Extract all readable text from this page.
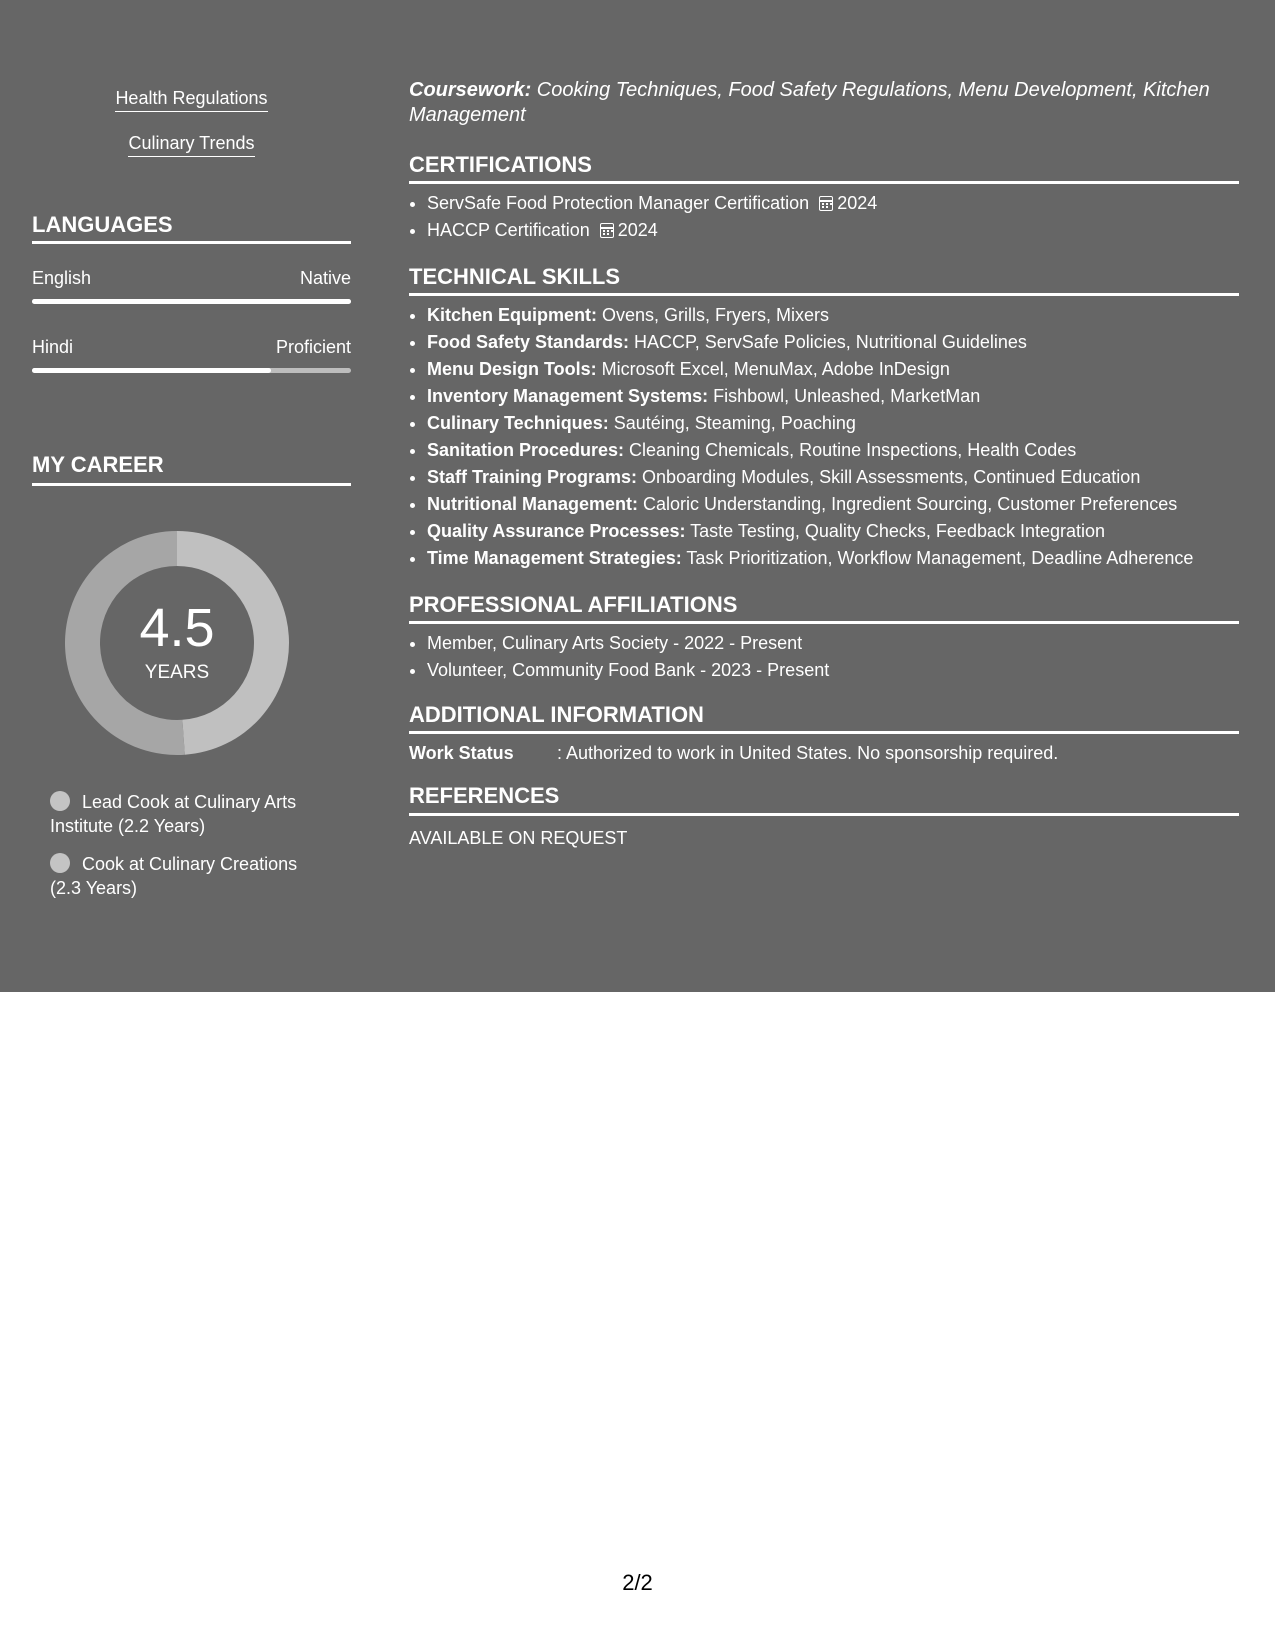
Health Regulations
Culinary Trends
LANGUAGES
English	Native
Hindi	Proficient
MY CAREER
4.5
YEARS
Lead Cook at Culinary Arts Institute (2.2 Years)
Cook at Culinary Creations (2.3 Years)
Coursework: Cooking Techniques, Food Safety Regulations, Menu Development, Kitchen Management
CERTIFICATIONS
• ServSafe Food Protection Manager Certification 2024
• HACCP Certification 2024
TECHNICAL SKILLS
• Kitchen Equipment: Ovens, Grills, Fryers, Mixers
• Food Safety Standards: HACCP, ServSafe Policies, Nutritional Guidelines
• Menu Design Tools: Microsoft Excel, MenuMax, Adobe InDesign
• Inventory Management Systems: Fishbowl, Unleashed, MarketMan
• Culinary Techniques: Sautéing, Steaming, Poaching
• Sanitation Procedures: Cleaning Chemicals, Routine Inspections, Health Codes
• Staff Training Programs: Onboarding Modules, Skill Assessments, Continued Education
• Nutritional Management: Caloric Understanding, Ingredient Sourcing, Customer Preferences
• Quality Assurance Processes: Taste Testing, Quality Checks, Feedback Integration
• Time Management Strategies: Task Prioritization, Workflow Management, Deadline Adherence
PROFESSIONAL AFFILIATIONS
• Member, Culinary Arts Society - 2022 - Present
• Volunteer, Community Food Bank - 2023 - Present
ADDITIONAL INFORMATION
Work Status : Authorized to work in United States. No sponsorship required.
REFERENCES
AVAILABLE ON REQUEST
2/2
